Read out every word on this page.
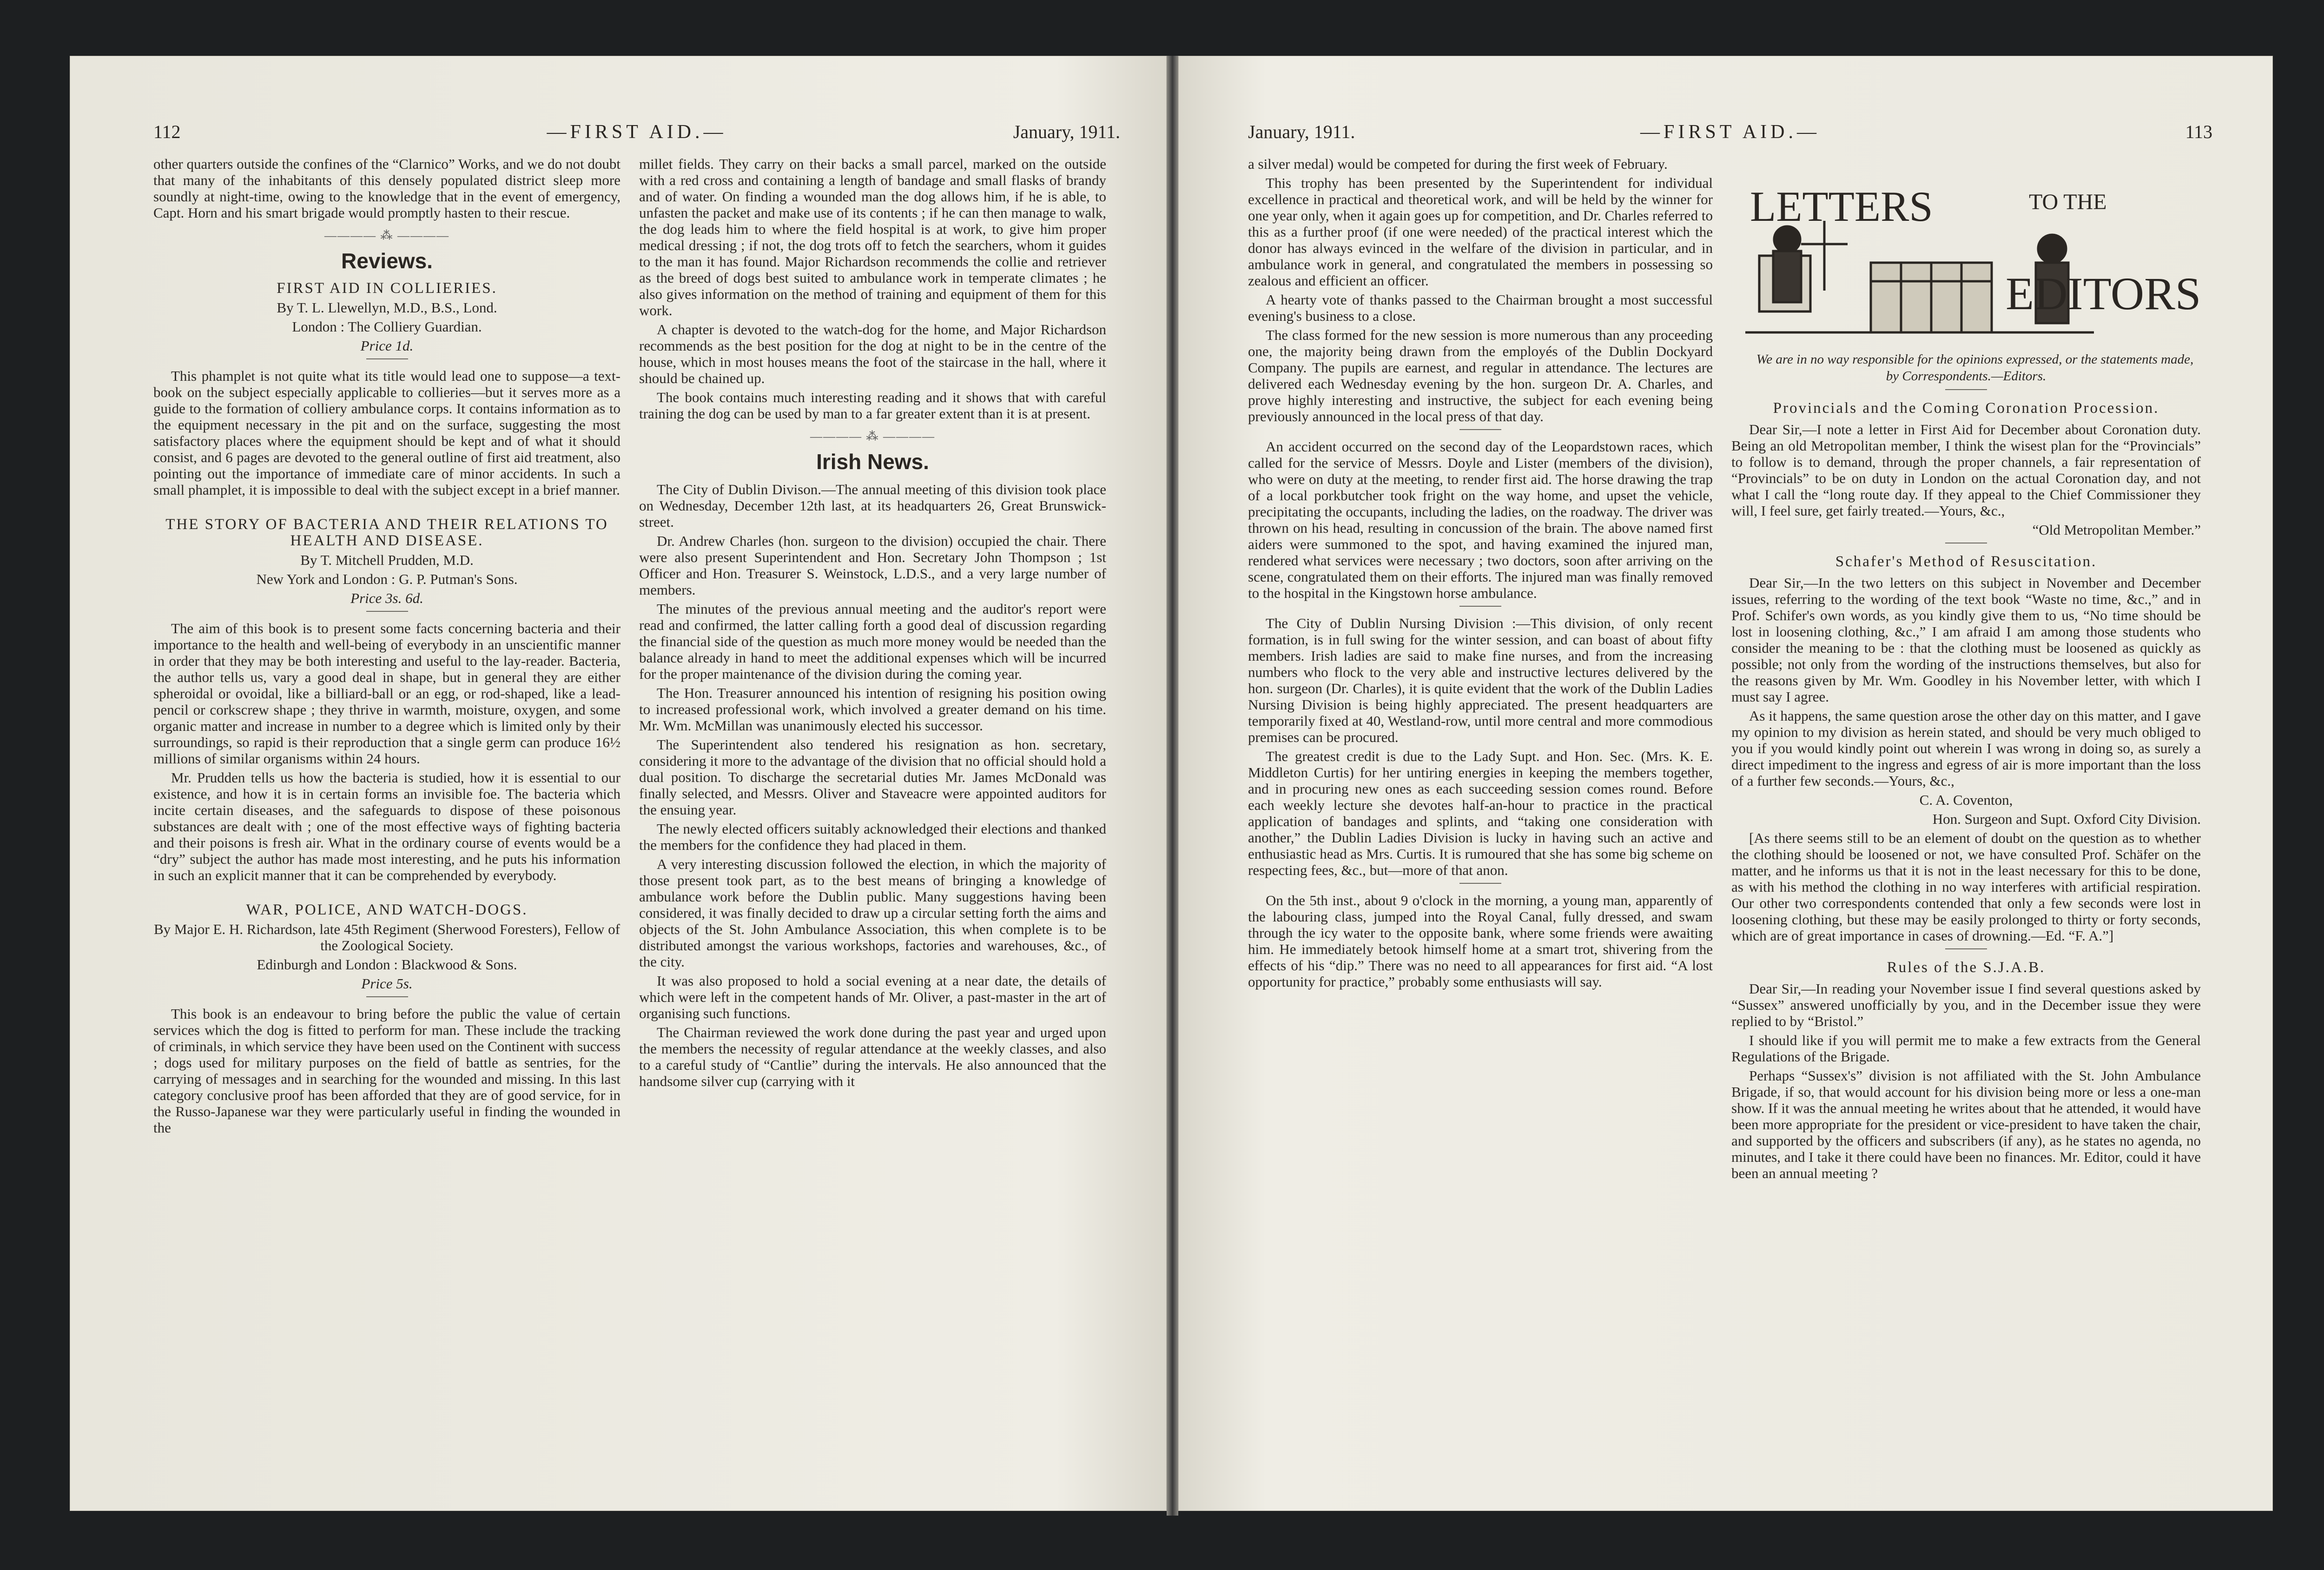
112	—FIRST AID.—	January, 1911.

other quarters outside the confines of the “Clarnico” Works, and we do not doubt that many of the inhabitants of this densely populated district sleep more soundly at night-time, owing to the knowledge that in the event of emergency, Capt. Horn and his smart brigade would promptly hasten to their rescue.

———— ⁂ ————
Reviews.
FIRST AID IN COLLIERIES.

By T. L. Llewellyn, M.D., B.S., Lond.

London : The Colliery Guardian.

Price 1d.

This phamplet is not quite what its title would lead one to suppose—a text-book on the subject especially applicable to collieries—but it serves more as a guide to the formation of colliery ambulance corps. It contains information as to the equipment necessary in the pit and on the surface, suggesting the most satisfactory places where the equipment should be kept and of what it should consist, and 6 pages are devoted to the general outline of first aid treatment, also pointing out the importance of immediate care of minor accidents. In such a small phamplet, it is impossible to deal with the subject except in a brief manner.

THE STORY OF BACTERIA AND THEIR RELATIONS TO HEALTH AND DISEASE.

By T. Mitchell Prudden, M.D.

New York and London : G. P. Putman's Sons.

Price 3s. 6d.

The aim of this book is to present some facts concerning bacteria and their importance to the health and well-being of everybody in an unscientific manner in order that they may be both interesting and useful to the lay-reader. Bacteria, the author tells us, vary a good deal in shape, but in general they are either spheroidal or ovoidal, like a billiard-ball or an egg, or rod-shaped, like a lead-pencil or corkscrew shape ; they thrive in warmth, moisture, oxygen, and some organic matter and increase in number to a degree which is limited only by their surroundings, so rapid is their reproduction that a single germ can produce 16½ millions of similar organisms within 24 hours.

Mr. Prudden tells us how the bacteria is studied, how it is essential to our existence, and how it is in certain forms an invisible foe. The bacteria which incite certain diseases, and the safeguards to dispose of these poisonous substances are dealt with ; one of the most effective ways of fighting bacteria and their poisons is fresh air. What in the ordinary course of events would be a “dry” subject the author has made most interesting, and he puts his information in such an explicit manner that it can be comprehended by everybody.

WAR, POLICE, AND WATCH-DOGS.

By Major E. H. Richardson, late 45th Regiment (Sherwood Foresters), Fellow of the Zoological Society.

Edinburgh and London : Blackwood & Sons.

Price 5s.

This book is an endeavour to bring before the public the value of certain services which the dog is fitted to perform for man. These include the tracking of criminals, in which service they have been used on the Continent with success ; dogs used for military purposes on the field of battle as sentries, for the carrying of messages and in searching for the wounded and missing. In this last category conclusive proof has been afforded that they are of good service, for in the Russo-Japanese war they were particularly useful in finding the wounded in the

millet fields. They carry on their backs a small parcel, marked on the outside with a red cross and containing a length of bandage and small flasks of brandy and of water. On finding a wounded man the dog allows him, if he is able, to unfasten the packet and make use of its contents ; if he can then manage to walk, the dog leads him to where the field hospital is at work, to give him proper medical dressing ; if not, the dog trots off to fetch the searchers, whom it guides to the man it has found. Major Richardson recommends the collie and retriever as the breed of dogs best suited to ambulance work in temperate climates ; he also gives information on the method of training and equipment of them for this work.

A chapter is devoted to the watch-dog for the home, and Major Richardson recommends as the best position for the dog at night to be in the centre of the house, which in most houses means the foot of the staircase in the hall, where it should be chained up.

The book contains much interesting reading and it shows that with careful training the dog can be used by man to a far greater extent than it is at present.

———— ⁂ ————
Irish News.

The City of Dublin Divison.—The annual meeting of this division took place on Wednesday, December 12th last, at its headquarters 26, Great Brunswick-street.

Dr. Andrew Charles (hon. surgeon to the division) occupied the chair. There were also present Superintendent and Hon. Secretary John Thompson ; 1st Officer and Hon. Treasurer S. Weinstock, L.D.S., and a very large number of members.

The minutes of the previous annual meeting and the auditor's report were read and confirmed, the latter calling forth a good deal of discussion regarding the financial side of the question as much more money would be needed than the balance already in hand to meet the additional expenses which will be incurred for the proper maintenance of the division during the coming year.

The Hon. Treasurer announced his intention of resigning his position owing to increased professional work, which involved a greater demand on his time. Mr. Wm. McMillan was unanimously elected his successor.

The Superintendent also tendered his resignation as hon. secretary, considering it more to the advantage of the division that no official should hold a dual position. To discharge the secretarial duties Mr. James McDonald was finally selected, and Messrs. Oliver and Staveacre were appointed auditors for the ensuing year.

The newly elected officers suitably acknowledged their elections and thanked the members for the confidence they had placed in them.

A very interesting discussion followed the election, in which the majority of those present took part, as to the best means of bringing a knowledge of ambulance work before the Dublin public. Many suggestions having been considered, it was finally decided to draw up a circular setting forth the aims and objects of the St. John Ambulance Association, this when complete is to be distributed amongst the various workshops, factories and warehouses, &c., of the city.

It was also proposed to hold a social evening at a near date, the details of which were left in the competent hands of Mr. Oliver, a past-master in the art of organising such functions.

The Chairman reviewed the work done during the past year and urged upon the members the necessity of regular attendance at the weekly classes, and also to a careful study of “Cantlie” during the intervals. He also announced that the handsome silver cup (carrying with it

January, 1911.	—FIRST AID.—	113

a silver medal) would be competed for during the first week of February.

This trophy has been presented by the Superintendent for individual excellence in practical and theoretical work, and will be held by the winner for one year only, when it again goes up for competition, and Dr. Charles referred to this as a further proof (if one were needed) of the practical interest which the donor has always evinced in the welfare of the division in particular, and in ambulance work in general, and congratulated the members in possessing so zealous and efficient an officer.

A hearty vote of thanks passed to the Chairman brought a most successful evening's business to a close.

The class formed for the new session is more numerous than any proceeding one, the majority being drawn from the employés of the Dublin Dockyard Company. The pupils are earnest, and regular in attendance. The lectures are delivered each Wednesday evening by the hon. surgeon Dr. A. Charles, and prove highly interesting and instructive, the subject for each evening being previously announced in the local press of that day.

An accident occurred on the second day of the Leopardstown races, which called for the service of Messrs. Doyle and Lister (members of the division), who were on duty at the meeting, to render first aid. The horse drawing the trap of a local porkbutcher took fright on the way home, and upset the vehicle, precipitating the occupants, including the ladies, on the roadway. The driver was thrown on his head, resulting in concussion of the brain. The above named first aiders were summoned to the spot, and having examined the injured man, rendered what services were necessary ; two doctors, soon after arriving on the scene, congratulated them on their efforts. The injured man was finally removed to the hospital in the Kingstown horse ambulance.

The City of Dublin Nursing Division :—This division, of only recent formation, is in full swing for the winter session, and can boast of about fifty members. Irish ladies are said to make fine nurses, and from the increasing numbers who flock to the very able and instructive lectures delivered by the hon. surgeon (Dr. Charles), it is quite evident that the work of the Dublin Ladies Nursing Division is being highly appreciated. The present headquarters are temporarily fixed at 40, Westland-row, until more central and more commodious premises can be procured.

The greatest credit is due to the Lady Supt. and Hon. Sec. (Mrs. K. E. Middleton Curtis) for her untiring energies in keeping the members together, and in procuring new ones as each succeeding session comes round. Before each weekly lecture she devotes half-an-hour to practice in the practical application of bandages and splints, and “taking one consideration with another,” the Dublin Ladies Division is lucky in having such an active and enthusiastic head as Mrs. Curtis. It is rumoured that she has some big scheme on respecting fees, &c., but—more of that anon.

On the 5th inst., about 9 o'clock in the morning, a young man, apparently of the labouring class, jumped into the Royal Canal, fully dressed, and swam through the icy water to the opposite bank, where some friends were awaiting him. He immediately betook himself home at a smart trot, shivering from the effects of his “dip.” There was no need to all appearances for first aid. “A lost opportunity for practice,” probably some enthusiasts will say.

LETTERS	TO THE
EDITORS

We are in no way responsible for the opinions expressed, or the statements made, by Correspondents.—Editors.

Provincials and the Coming Coronation Procession.

Dear Sir,—I note a letter in First Aid for December about Coronation duty. Being an old Metropolitan member, I think the wisest plan for the “Provincials” to follow is to demand, through the proper channels, a fair representation of “Provincials” to be on duty in London on the actual Coronation day, and not what I call the “long route day. If they appeal to the Chief Commissioner they will, I feel sure, get fairly treated.—Yours, &c.,

“Old Metropolitan Member.”

Schafer's Method of Resuscitation.

Dear Sir,—In the two letters on this subject in November and December issues, referring to the wording of the text book “Waste no time, &c.,” and in Prof. Schifer's own words, as you kindly give them to us, “No time should be lost in loosening clothing, &c.,” I am afraid I am among those students who consider the meaning to be : that the clothing must be loosened as quickly as possible; not only from the wording of the instructions themselves, but also for the reasons given by Mr. Wm. Goodley in his November letter, with which I must say I agree.

As it happens, the same question arose the other day on this matter, and I gave my opinion to my division as herein stated, and should be very much obliged to you if you would kindly point out wherein I was wrong in doing so, as surely a direct impediment to the ingress and egress of air is more important than the loss of a further few seconds.—Yours, &c.,

C. A. Coventon,

Hon. Surgeon and Supt. Oxford City Division.

[As there seems still to be an element of doubt on the question as to whether the clothing should be loosened or not, we have consulted Prof. Schäfer on the matter, and he informs us that it is not in the least necessary for this to be done, as with his method the clothing in no way interferes with artificial respiration. Our other two correspondents contended that only a few seconds were lost in loosening clothing, but these may be easily prolonged to thirty or forty seconds, which are of great importance in cases of drowning.—Ed. “F. A.”]

Rules of the S.J.A.B.

Dear Sir,—In reading your November issue I find several questions asked by “Sussex” answered unofficially by you, and in the December issue they were replied to by “Bristol.”

I should like if you will permit me to make a few extracts from the General Regulations of the Brigade.

Perhaps “Sussex's” division is not affiliated with the St. John Ambulance Brigade, if so, that would account for his division being more or less a one-man show. If it was the annual meeting he writes about that he attended, it would have been more appropriate for the president or vice-president to have taken the chair, and supported by the officers and subscribers (if any), as he states no agenda, no minutes, and I take it there could have been no finances. Mr. Editor, could it have been an annual meeting ?
